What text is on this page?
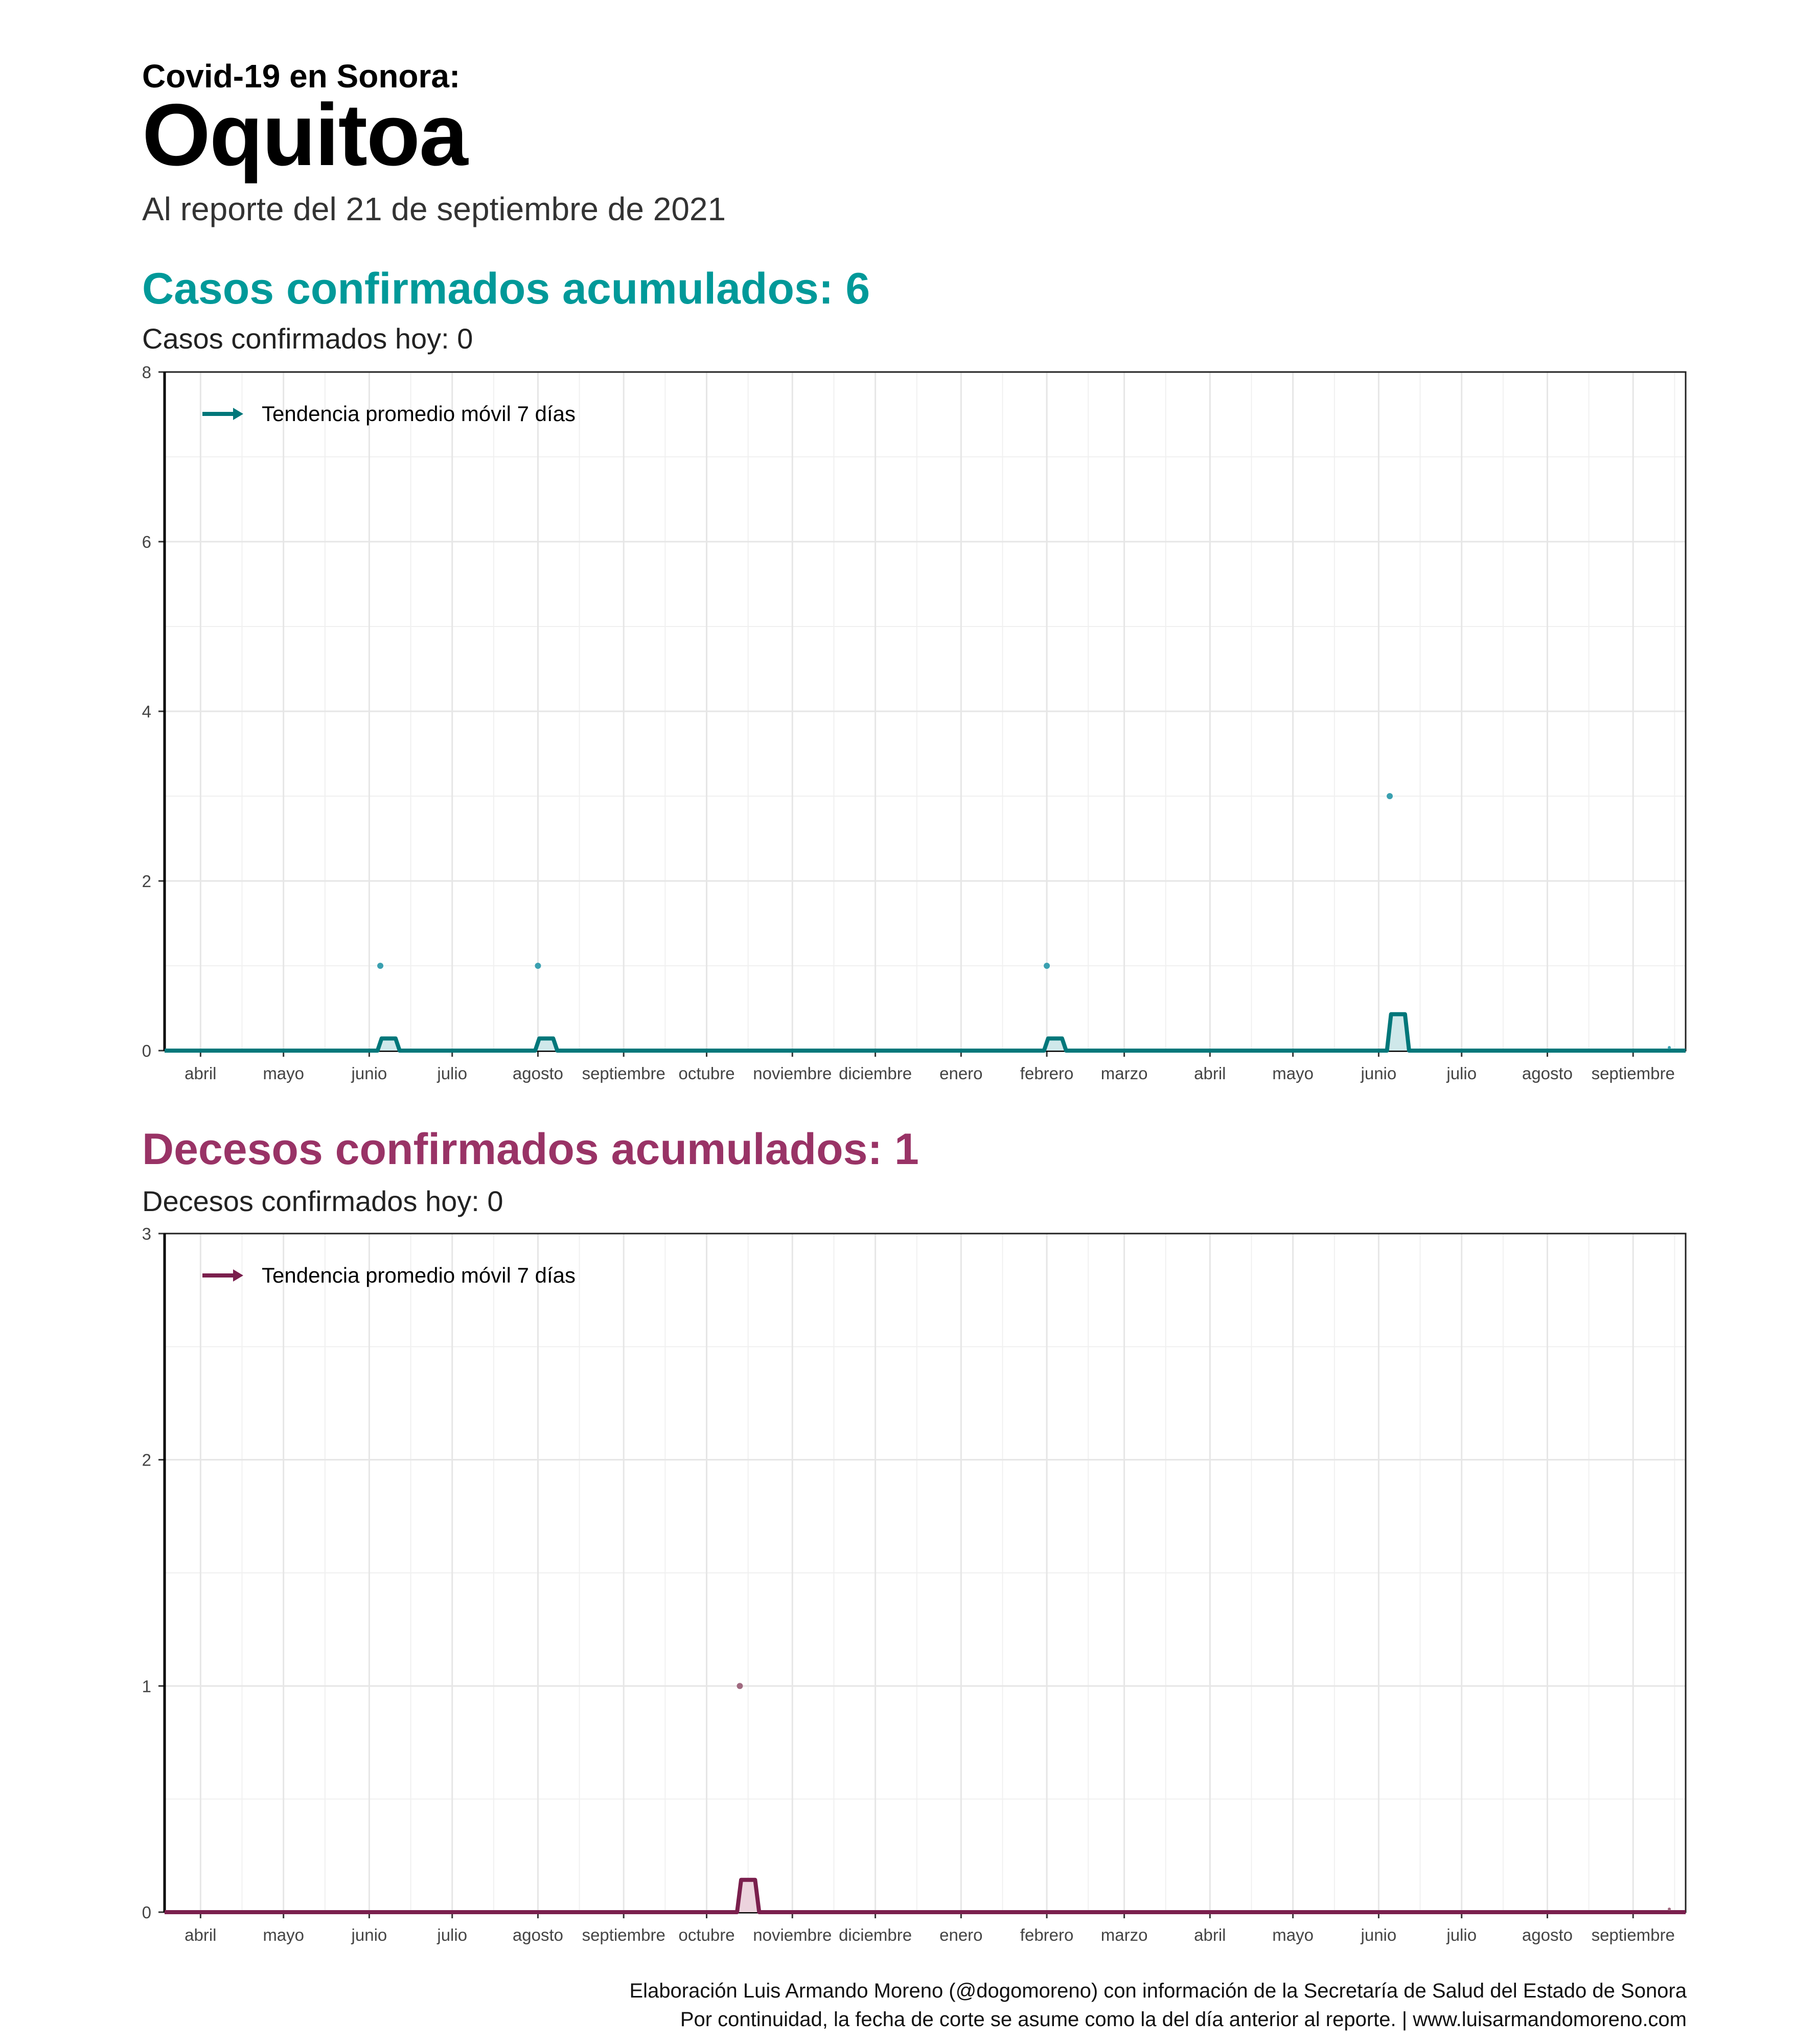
Covid-19 en Sonora:
Oquitoa
Al reporte del 21 de septiembre de 2021
Casos confirmados acumulados: 6
Casos confirmados hoy: 0
abril	mayo	junio	julio	agosto septiembre octubre noviembre diciembre enero febrero marzo	abril	mayo	junio	julio	agosto septiembre
0
2
4
6
8
Tendencia promedio móvil 7 días
Decesos confirmados acumulados: 1
Decesos confirmados hoy: 0
abril	mayo	junio	julio	agosto septiembre octubre noviembre diciembre enero febrero marzo	abril	mayo	junio	julio	agosto septiembre
0
1
2
3
Tendencia promedio móvil 7 días
Elaboración Luis Armando Moreno (@dogomoreno) con información de la Secretaría de Salud del Estado de Sonora
Por continuidad, la fecha de corte se asume como la del día anterior al reporte. | www.luisarmandomoreno.com
